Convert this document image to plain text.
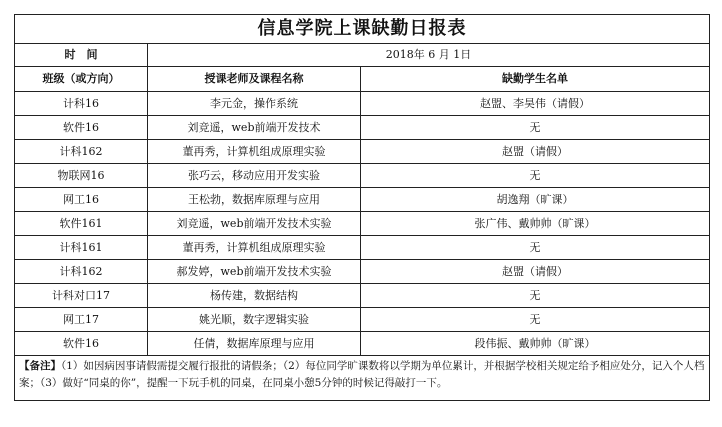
信息学院上课缺勤日报表		
时　间	2018年 6 月 1日	
班级（或方向）	授课老师及课程名称	缺勤学生名单
计科16	李元金，操作系统	赵盟、李昊伟（请假）
软件16	刘竞遥，web前端开发技术	无
计科162	董再秀，计算机组成原理实验	赵盟（请假）
物联网16	张巧云，移动应用开发实验	无
网工16	王松勃，数据库原理与应用	胡逸翔（旷课）
软件161	刘竞遥，web前端开发技术实验	张广伟、戴帅帅（旷课）
计科161	董再秀，计算机组成原理实验	无
计科162	郝发婷，web前端开发技术实验	赵盟（请假）
计科对口17	杨传建，数据结构	无
网工17	姚光顺，数字逻辑实验	无
软件16	任倩，数据库原理与应用	段伟振、戴帅帅（旷课）
【备注】（1）如因病因事请假需提交履行报批的请假条；（2）每位同学旷课数将以学期为单位累计，并根据学校相关规定给予相应处分，记入个人档案；（3）做好“同桌的你”，提醒一下玩手机的同桌，在同桌小憩5分钟的时候记得敲打一下。		
